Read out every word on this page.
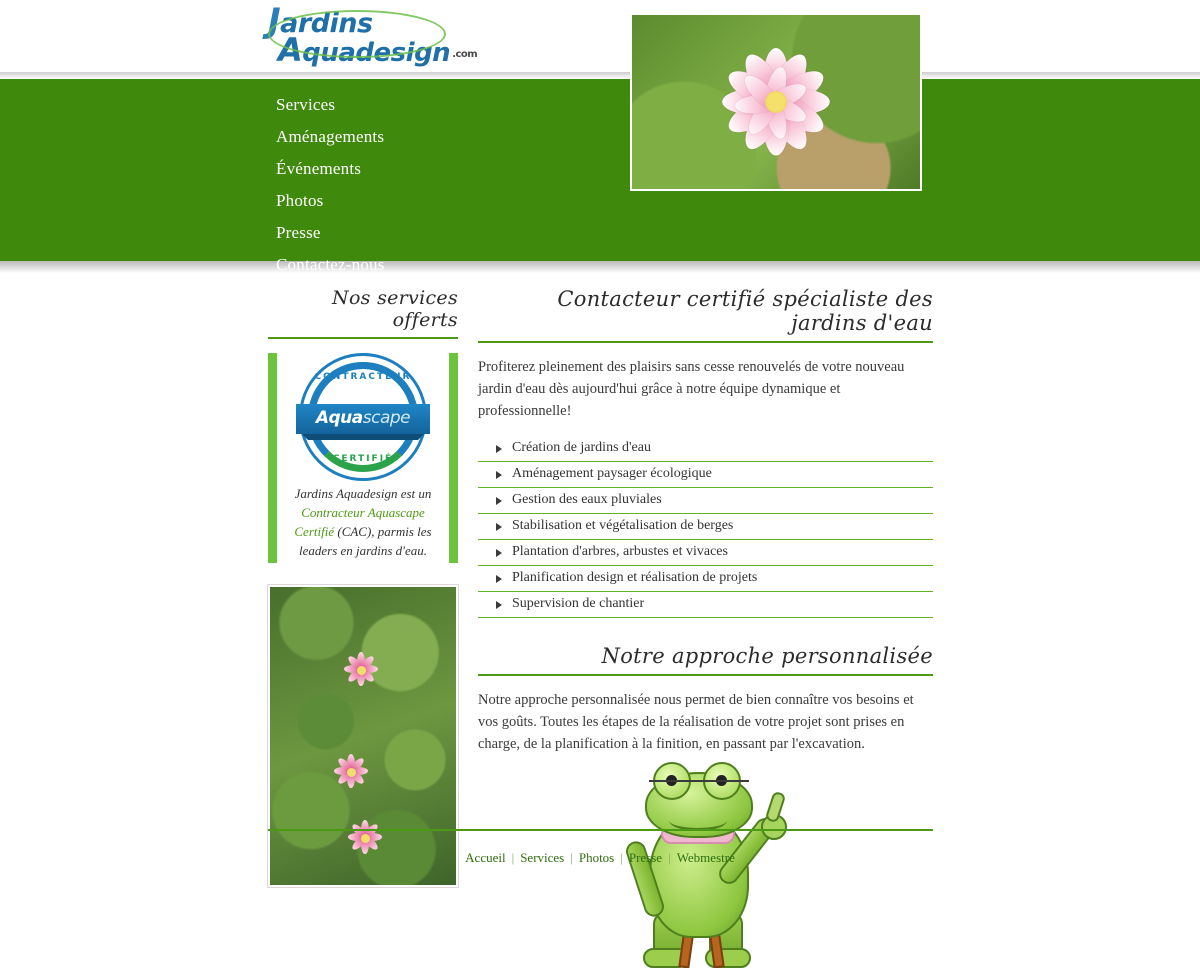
Jardins
Aquadesign .com
Services
Aménagements
Événements
Photos
Presse
Contactez-nous
Nos services offerts
CONTRACTEUR
Aquascape
CERTIFIÉ
Jardins Aquadesign est un Contracteur Aquascape Certifié (CAC), parmis les leaders en jardins d'eau.
Contacteur certifié spécialiste des jardins d'eau
Profiterez pleinement des plaisirs sans cesse renouvelés de votre nouveau jardin d'eau dès aujourd'hui grâce à notre équipe dynamique et professionnelle!
Création de jardins d'eau
Aménagement paysager écologique
Gestion des eaux pluviales
Stabilisation et végétalisation de berges
Plantation d'arbres, arbustes et vivaces
Planification design et réalisation de projets
Supervision de chantier
Notre approche personnalisée
Notre approche personnalisée nous permet de bien connaître vos besoins et vos goûts. Toutes les étapes de la réalisation de votre projet sont prises en charge, de la planification à la finition, en passant par l'excavation.
Accueil | Services | Photos | Presse | Webmestre
